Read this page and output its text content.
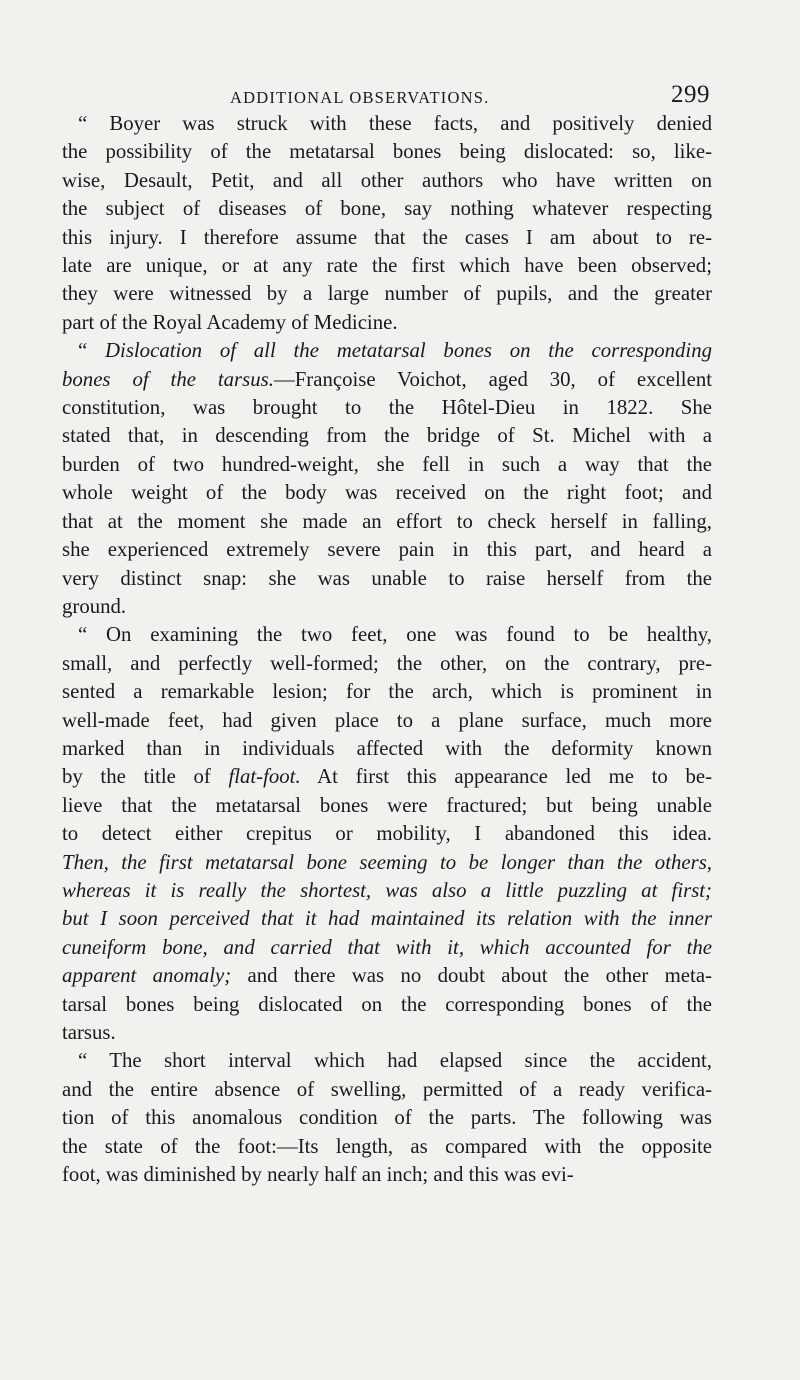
ADDITIONAL OBSERVATIONS.	299
“ Boyer was struck with these facts, and positively denied
the possibility of the metatarsal bones being dislocated: so, like-
wise, Desault, Petit, and all other authors who have written on
the subject of diseases of bone, say nothing whatever respecting
this injury. I therefore assume that the cases I am about to re-
late are unique, or at any rate the first which have been observed;
they were witnessed by a large number of pupils, and the greater
part of the Royal Academy of Medicine.
“ Dislocation of all the metatarsal bones on the corresponding
bones of the tarsus.—Françoise Voichot, aged 30, of excellent
constitution, was brought to the Hôtel-Dieu in 1822. She
stated that, in descending from the bridge of St. Michel with a
burden of two hundred-weight, she fell in such a way that the
whole weight of the body was received on the right foot; and
that at the moment she made an effort to check herself in falling,
she experienced extremely severe pain in this part, and heard a
very distinct snap: she was unable to raise herself from the
ground.
“ On examining the two feet, one was found to be healthy,
small, and perfectly well-formed; the other, on the contrary, pre-
sented a remarkable lesion; for the arch, which is prominent in
well-made feet, had given place to a plane surface, much more
marked than in individuals affected with the deformity known
by the title of flat-foot. At first this appearance led me to be-
lieve that the metatarsal bones were fractured; but being unable
to detect either crepitus or mobility, I abandoned this idea.
Then, the first metatarsal bone seeming to be longer than the others,
whereas it is really the shortest, was also a little puzzling at first;
but I soon perceived that it had maintained its relation with the inner
cuneiform bone, and carried that with it, which accounted for the
apparent anomaly; and there was no doubt about the other meta-
tarsal bones being dislocated on the corresponding bones of the
tarsus.
“ The short interval which had elapsed since the accident,
and the entire absence of swelling, permitted of a ready verifica-
tion of this anomalous condition of the parts. The following was
the state of the foot:—Its length, as compared with the opposite
foot, was diminished by nearly half an inch; and this was evi-
